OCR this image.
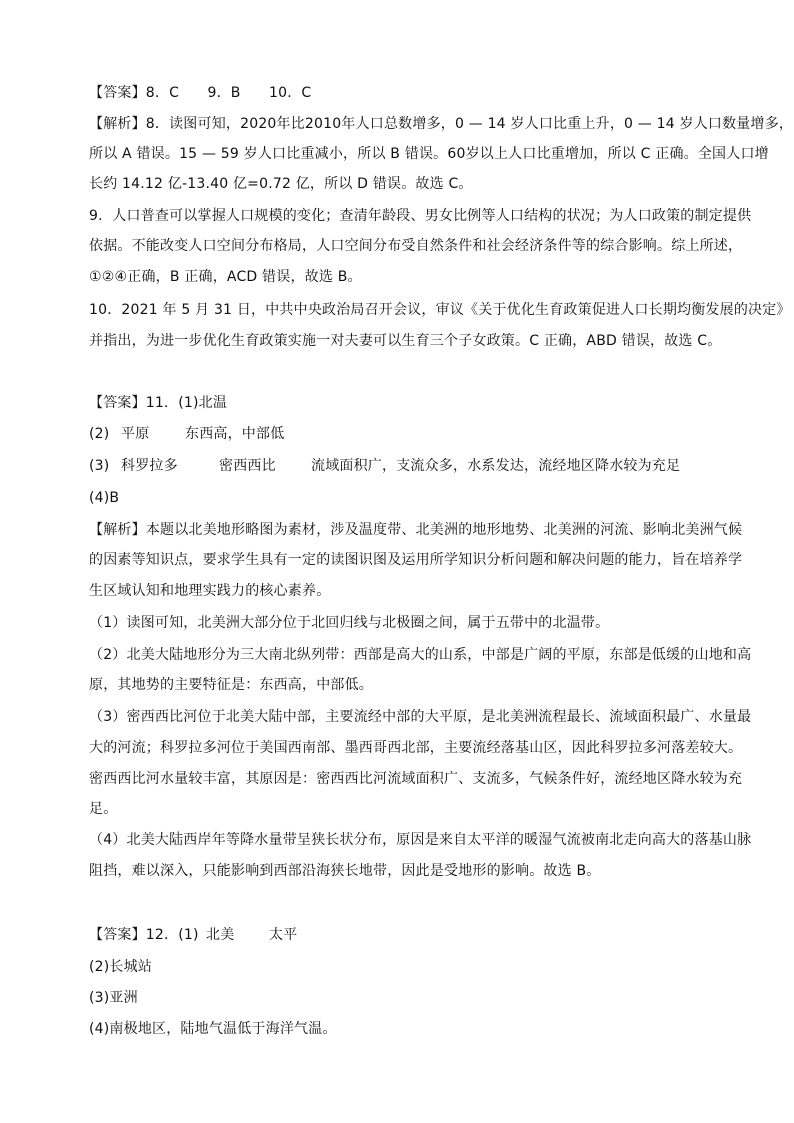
【答案】8．C　　9．B　　10．C

【解析】8．读图可知，2020年比2010年人口总数增多，0 — 14 岁人口比重上升，0 — 14 岁人口数量增多，

所以 A 错误。15 — 59 岁人口比重减小，所以 B 错误。60岁以上人口比重增加，所以 C 正确。全国人口增

长约 14.12 亿-13.40 亿=0.72 亿，所以 D 错误。故选 C。

9．人口普查可以掌握人口规模的变化；查清年龄段、男女比例等人口结构的状况；为人口政策的制定提供

依据。不能改变人口空间分布格局，人口空间分布受自然条件和社会经济条件等的综合影响。综上所述，

①②④正确，B 正确，ACD 错误，故选 B。

10．2021 年 5 月 31 日，中共中央政治局召开会议，审议《关于优化生育政策促进人口长期均衡发展的决定》

并指出，为进一步优化生育政策实施一对夫妻可以生育三个子女政策。C 正确，ABD 错误，故选 C。

【答案】11．(1)北温

(2) 平原	东西高，中部低

(3) 科罗拉多	密西西比	流域面积广，支流众多，水系发达，流经地区降水较为充足

(4)B

【解析】本题以北美地形略图为素材，涉及温度带、北美洲的地形地势、北美洲的河流、影响北美洲气候

的因素等知识点，要求学生具有一定的读图识图及运用所学知识分析问题和解决问题的能力，旨在培养学

生区域认知和地理实践力的核心素养。

（1）读图可知，北美洲大部分位于北回归线与北极圈之间，属于五带中的北温带。

（2）北美大陆地形分为三大南北纵列带：西部是高大的山系，中部是广阔的平原，东部是低缓的山地和高

原，其地势的主要特征是：东西高，中部低。

（3）密西西比河位于北美大陆中部，主要流经中部的大平原，是北美洲流程最长、流域面积最广、水量最

大的河流；科罗拉多河位于美国西南部、墨西哥西北部，主要流经落基山区，因此科罗拉多河落差较大。

密西西比河水量较丰富，其原因是：密西西比河流域面积广、支流多，气候条件好，流经地区降水较为充

足。

（4）北美大陆西岸年等降水量带呈狭长状分布，原因是来自太平洋的暖湿气流被南北走向高大的落基山脉

阻挡，难以深入，只能影响到西部沿海狭长地带，因此是受地形的影响。故选 B。

【答案】12．(1) 北美 太平

(2)长城站

(3)亚洲

(4)南极地区，陆地气温低于海洋气温。
